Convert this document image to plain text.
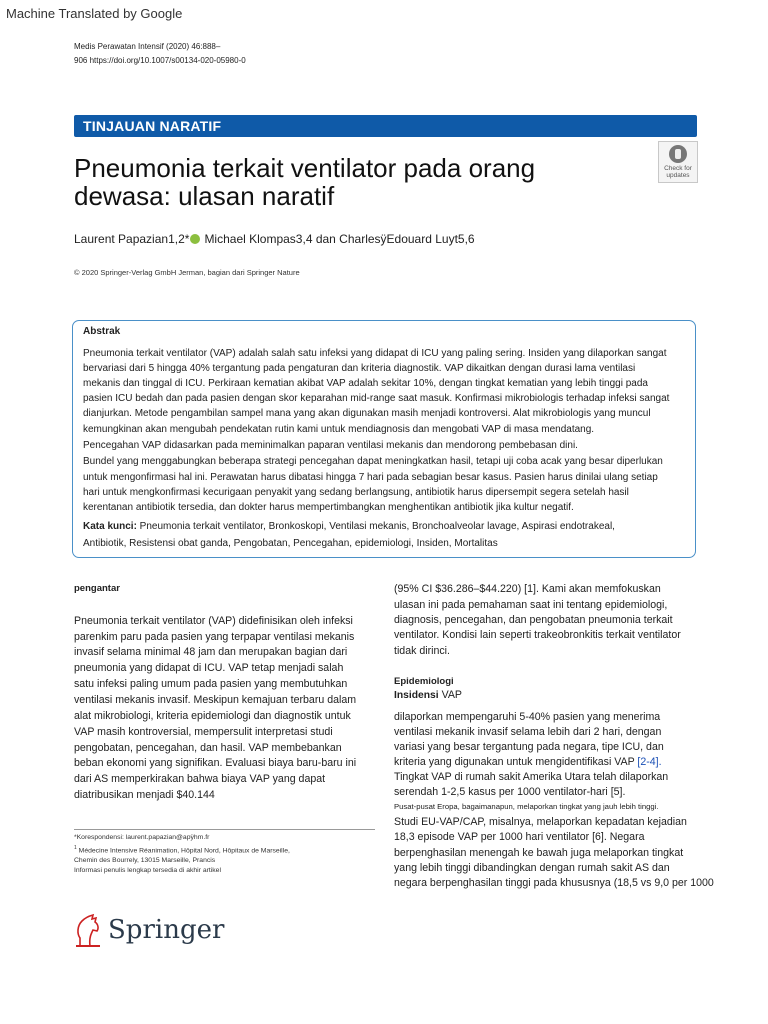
Machine Translated by Google
Medis Perawatan Intensif (2020) 46:888–
906 https://doi.org/10.1007/s00134-020-05980-0
TINJAUAN NARATIF
Pneumonia terkait ventilator pada orang
dewasa: ulasan naratif
Check for
updates
Laurent Papazian1,2* Michael Klompas3,4 dan CharlesÿEdouard Luyt5,6
© 2020 Springer-Verlag GmbH Jerman, bagian dari Springer Nature
Abstrak
Pneumonia terkait ventilator (VAP) adalah salah satu infeksi yang didapat di ICU yang paling sering. Insiden yang dilaporkan sangat
bervariasi dari 5 hingga 40% tergantung pada pengaturan dan kriteria diagnostik. VAP dikaitkan dengan durasi lama ventilasi
mekanis dan tinggal di ICU. Perkiraan kematian akibat VAP adalah sekitar 10%, dengan tingkat kematian yang lebih tinggi pada
pasien ICU bedah dan pada pasien dengan skor keparahan mid-range saat masuk. Konfirmasi mikrobiologis terhadap infeksi sangat
dianjurkan. Metode pengambilan sampel mana yang akan digunakan masih menjadi kontroversi. Alat mikrobiologis yang muncul
kemungkinan akan mengubah pendekatan rutin kami untuk mendiagnosis dan mengobati VAP di masa mendatang.
Pencegahan VAP didasarkan pada meminimalkan paparan ventilasi mekanis dan mendorong pembebasan dini.
Bundel yang menggabungkan beberapa strategi pencegahan dapat meningkatkan hasil, tetapi uji coba acak yang besar diperlukan
untuk mengonfirmasi hal ini. Perawatan harus dibatasi hingga 7 hari pada sebagian besar kasus. Pasien harus dinilai ulang setiap
hari untuk mengkonfirmasi kecurigaan penyakit yang sedang berlangsung, antibiotik harus dipersempit segera setelah hasil
kerentanan antibiotik tersedia, dan dokter harus mempertimbangkan menghentikan antibiotik jika kultur negatif.
Kata kunci: Pneumonia terkait ventilator, Bronkoskopi, Ventilasi mekanis, Bronchoalveolar lavage, Aspirasi endotrakeal,
Antibiotik, Resistensi obat ganda, Pengobatan, Pencegahan, epidemiologi, Insiden, Mortalitas
pengantar
Pneumonia terkait ventilator (VAP) didefinisikan oleh infeksi
parenkim paru pada pasien yang terpapar ventilasi mekanis
invasif selama minimal 48 jam dan merupakan bagian dari
pneumonia yang didapat di ICU. VAP tetap menjadi salah
satu infeksi paling umum pada pasien yang membutuhkan
ventilasi mekanis invasif. Meskipun kemajuan terbaru dalam
alat mikrobiologi, kriteria epidemiologi dan diagnostik untuk
VAP masih kontroversial, mempersulit interpretasi studi
pengobatan, pencegahan, dan hasil. VAP membebankan
beban ekonomi yang signifikan. Evaluasi biaya baru-baru ini
dari AS memperkirakan bahwa biaya VAP yang dapat
diatribusikan menjadi $40.144
(95% CI $36.286–$44.220) [1]. Kami akan memfokuskan
ulasan ini pada pemahaman saat ini tentang epidemiologi,
diagnosis, pencegahan, dan pengobatan pneumonia terkait
ventilator. Kondisi lain seperti trakeobronkitis terkait ventilator
tidak dirinci.
Epidemiologi
Insidensi VAP
dilaporkan mempengaruhi 5-40% pasien yang menerima
ventilasi mekanik invasif selama lebih dari 2 hari, dengan
variasi yang besar tergantung pada negara, tipe ICU, dan
kriteria yang digunakan untuk mengidentifikasi VAP [2-4].
Tingkat VAP di rumah sakit Amerika Utara telah dilaporkan
serendah 1-2,5 kasus per 1000 ventilator-hari [5].
Pusat-pusat Eropa, bagaimanapun, melaporkan tingkat yang jauh lebih tinggi.
Studi EU-VAP/CAP, misalnya, melaporkan kepadatan kejadian
18,3 episode VAP per 1000 hari ventilator [6]. Negara
berpenghasilan menengah ke bawah juga melaporkan tingkat
yang lebih tinggi dibandingkan dengan rumah sakit AS dan
negara berpenghasilan tinggi pada khususnya (18,5 vs 9,0 per 1000
*Korespondensi: laurent.papazian@apÿhm.fr
$^1$ Médecine Intensive Réanimation, Hôpital Nord, Hôpitaux de Marseille,
Chemin des Bourrely, 13015 Marseille, Prancis
Informasi penulis lengkap tersedia di akhir artikel
Springer
